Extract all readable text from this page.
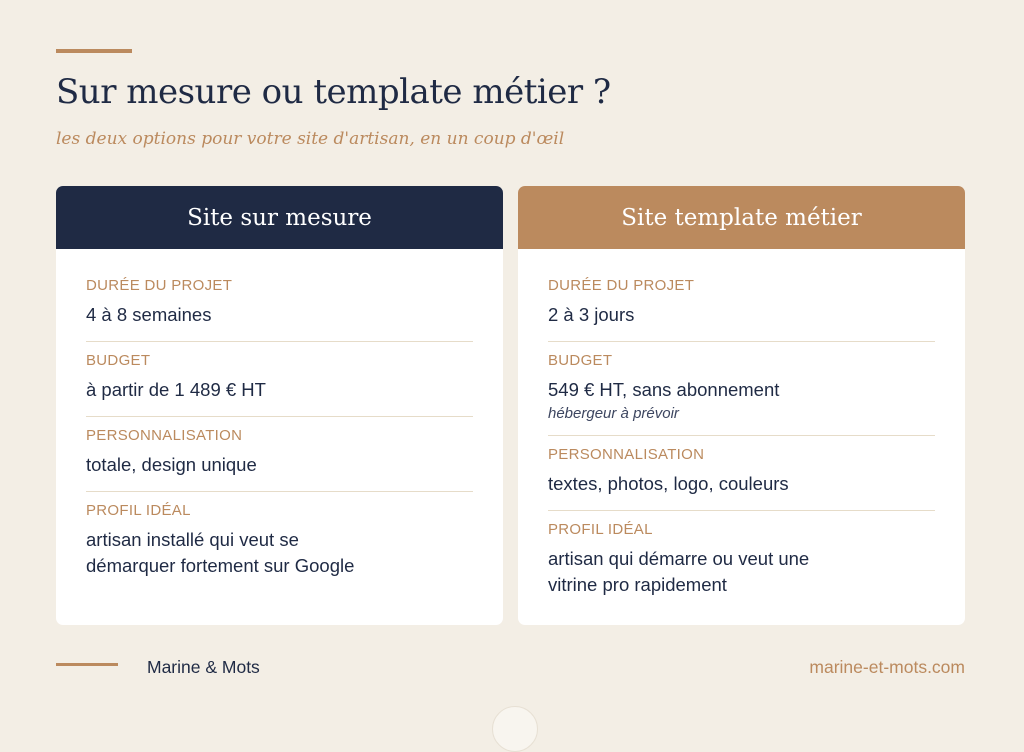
Sur mesure ou template métier ?
les deux options pour votre site d'artisan, en un coup d'œil
Site sur mesure
DURÉE DU PROJET
4 à 8 semaines
BUDGET
à partir de 1 489 € HT
PERSONNALISATION
totale, design unique
PROFIL IDÉAL
artisan installé qui veut se
démarquer fortement sur Google
Site template métier
DURÉE DU PROJET
2 à 3 jours
BUDGET
549 € HT, sans abonnement
hébergeur à prévoir
PERSONNALISATION
textes, photos, logo, couleurs
PROFIL IDÉAL
artisan qui démarre ou veut une
vitrine pro rapidement
Marine & Mots	marine-et-mots.com
